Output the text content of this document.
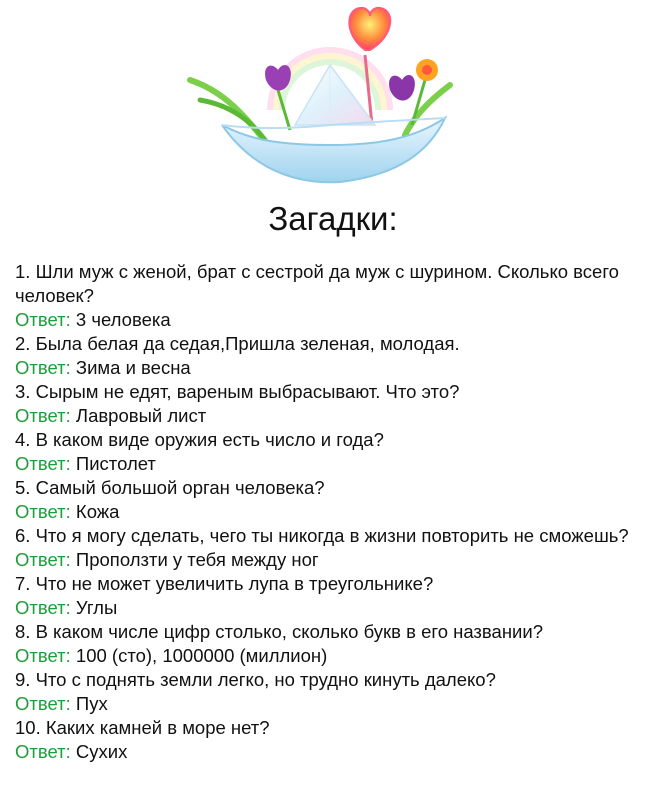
Загадки:
1. Шли муж с женой, брат с сестрой да муж с шурином. Сколько всего человек?
Ответ: 3 человека
2. Была белая да седая,Пришла зеленая, молодая.
Ответ: Зима и весна
3. Сырым не едят, вареным выбрасывают. Что это?
Ответ: Лавровый лист
4. В каком виде оружия есть число и года?
Ответ: Пистолет
5. Самый большой орган человека?
Ответ: Кожа
6. Что я могу сделать, чего ты никогда в жизни повторить не сможешь?
Ответ: Проползти у тебя между ног
7. Что не может увеличить лупа в треугольнике?
Ответ: Углы
8. В каком числе цифр столько, сколько букв в его названии?
Ответ: 100 (сто), 1000000 (миллион)
9. Что с поднять земли легко, но трудно кинуть далеко?
Ответ: Пух
10. Каких камней в море нет?
Ответ: Сухих
